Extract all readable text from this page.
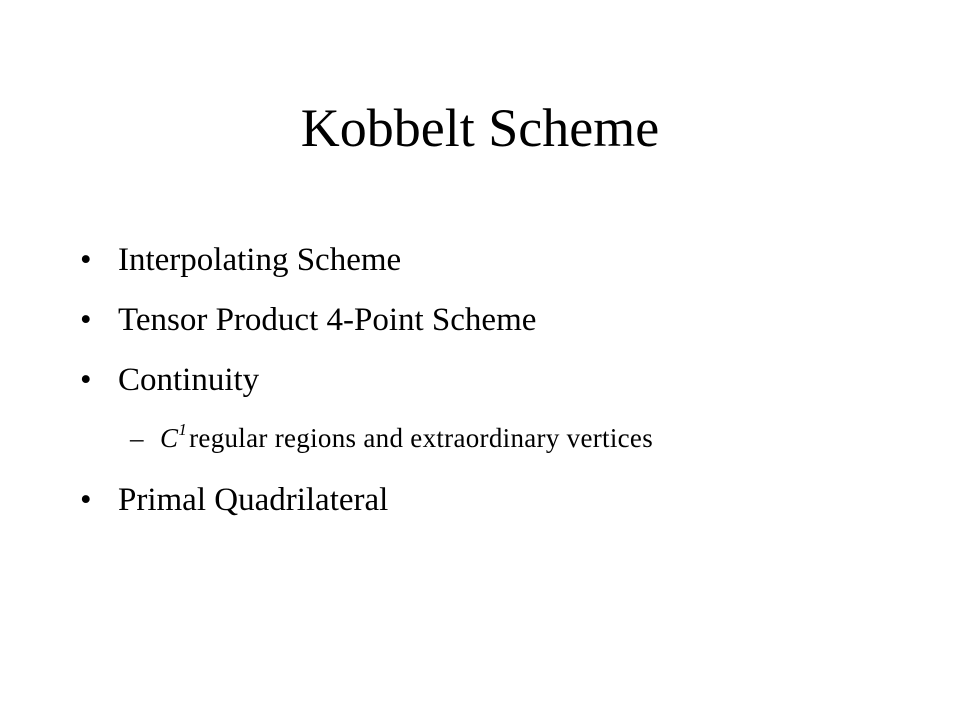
Kobbelt Scheme
• Interpolating Scheme
• Tensor Product 4-Point Scheme
• Continuity
– $C^1regular$ regions and extraordinary vertices
• Primal Quadrilateral
